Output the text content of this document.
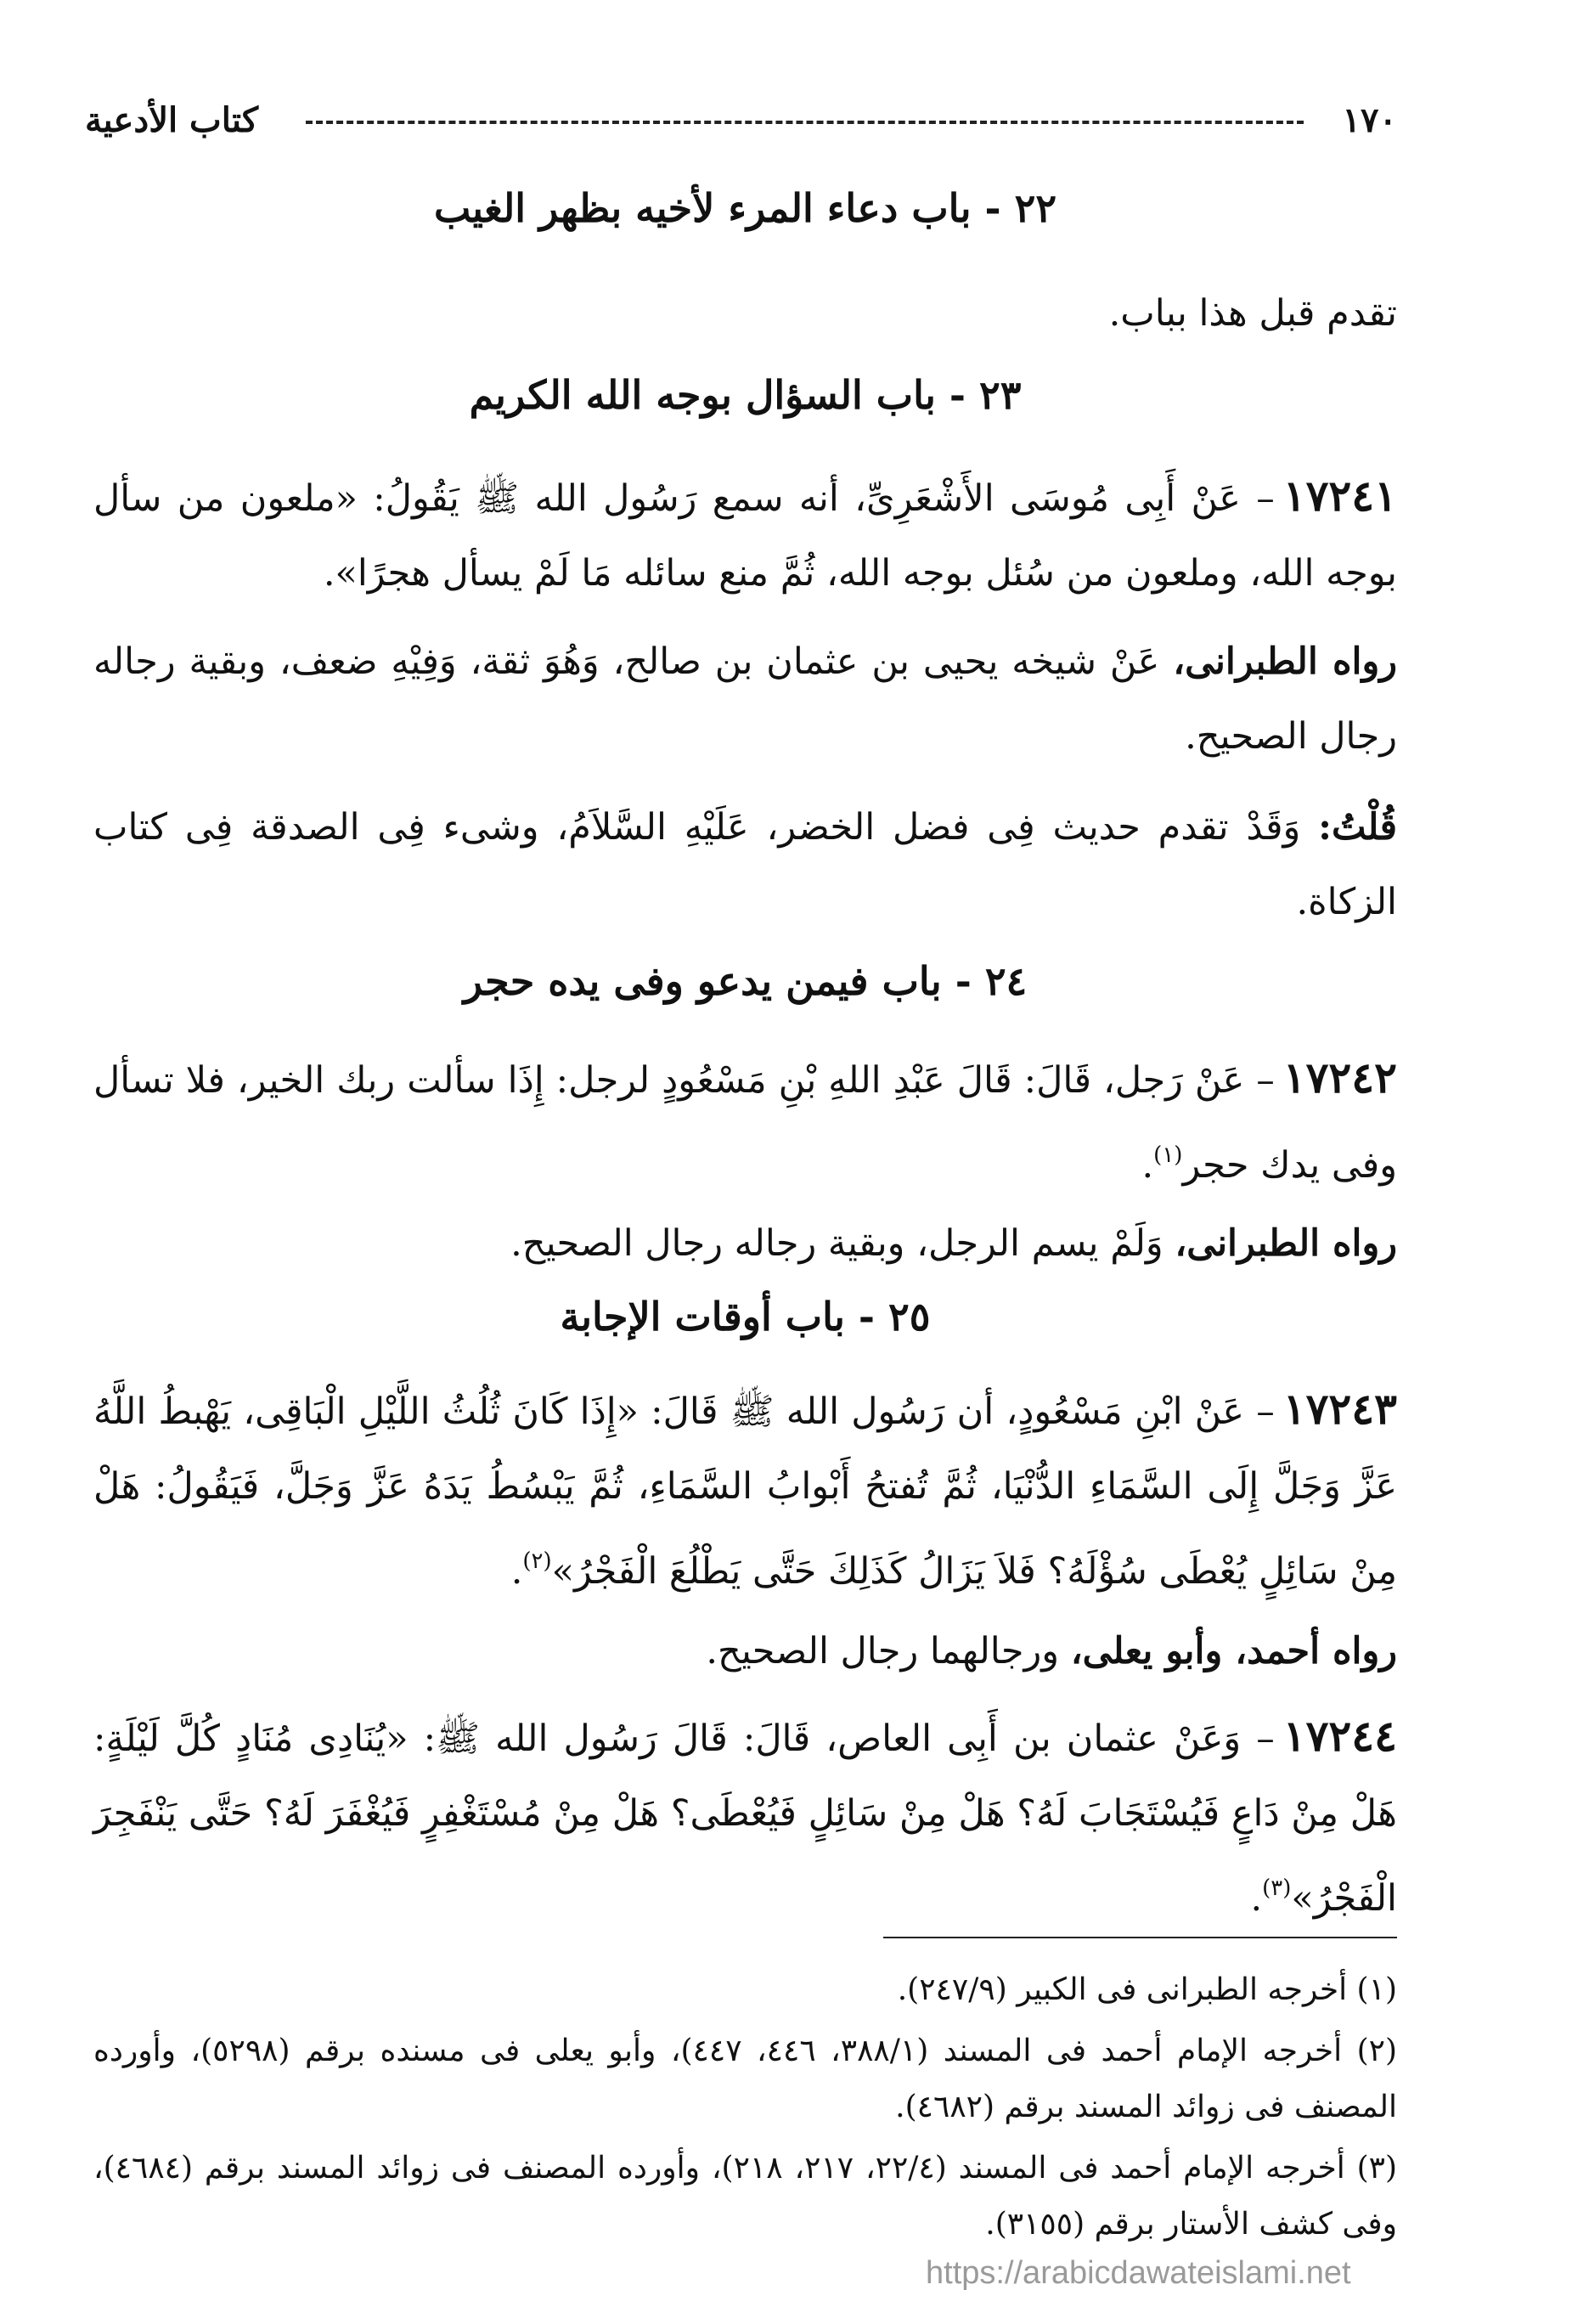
١٧٠
كتاب الأدعية
٢٢ - باب دعاء المرء لأخيه بظهر الغيب
تقدم قبل هذا بباب.
٢٣ - باب السؤال بوجه الله الكريم
١٧٢٤١– عَنْ أَبِى مُوسَى الأَشْعَرِىِّ، أنه سمع رَسُول الله ﷺ يَقُولُ: «ملعون من سأل بوجه الله، وملعون من سُئل بوجه الله، ثُمَّ منع سائله مَا لَمْ يسأل هجرًا».
رواه الطبرانى، عَنْ شيخه يحيى بن عثمان بن صالح، وَهُوَ ثقة، وَفِيْهِ ضعف، وبقية رجاله رجال الصحيح.
قُلْتُ: وَقَدْ تقدم حديث فِى فضل الخضر، عَلَيْهِ السَّلاَمُ، وشىء فِى الصدقة فِى كتاب الزكاة.
٢٤ - باب فيمن يدعو وفى يده حجر
١٧٢٤٢– عَنْ رَجل، قَالَ: قَالَ عَبْدِ اللهِ بْنِ مَسْعُودٍ لرجل: إِذَا سألت ربك الخير، فلا تسأل وفى يدك حجر$^{(١)}$.
رواه الطبرانى، وَلَمْ يسم الرجل، وبقية رجاله رجال الصحيح.
٢٥ - باب أوقات الإجابة
١٧٢٤٣– عَنْ ابْنِ مَسْعُودٍ، أن رَسُول الله ﷺ قَالَ: «إِذَا كَانَ ثُلُثُ اللَّيْلِ الْبَاقِى، يَهْبطُ اللَّهُ عَزَّ وَجَلَّ إِلَى السَّمَاءِ الدُّنْيَا، ثُمَّ تُفتحُ أَبْوابُ السَّمَاءِ، ثُمَّ يَبْسُطُ يَدَهُ عَزَّ وَجَلَّ، فَيَقُولُ: هَلْ مِنْ سَائِلٍ يُعْطَى سُؤْلَهُ؟ فَلاَ يَزَالُ كَذَلِكَ حَتَّى يَطْلُعَ الْفَجْرُ»$^{(٢)}$.
رواه أحمد، وأبو يعلى، ورجالهما رجال الصحيح.
١٧٢٤٤– وَعَنْ عثمان بن أَبِى العاص، قَالَ: قَالَ رَسُول الله ﷺ: «يُنَادِى مُنَادٍ كُلَّ لَيْلَةٍ: هَلْ مِنْ دَاعٍ فَيُسْتَجَابَ لَهُ؟ هَلْ مِنْ سَائِلٍ فَيُعْطَى؟ هَلْ مِنْ مُسْتَغْفِرٍ فَيُغْفَرَ لَهُ؟ حَتَّى يَنْفَجِرَ الْفَجْرُ»$^{(٣)}$.
(١) أخرجه الطبرانى فى الكبير (٢٤٧/٩).
(٢) أخرجه الإمام أحمد فى المسند (٣٨٨/١، ٤٤٦، ٤٤٧)، وأبو يعلى فى مسنده برقم (٥٢٩٨)، وأورده المصنف فى زوائد المسند برقم (٤٦٨٢).
(٣) أخرجه الإمام أحمد فى المسند (٢٢/٤، ٢١٧، ٢١٨)، وأورده المصنف فى زوائد المسند برقم (٤٦٨٤)، وفى كشف الأستار برقم (٣١٥٥).
https://arabicdawateislami.net
